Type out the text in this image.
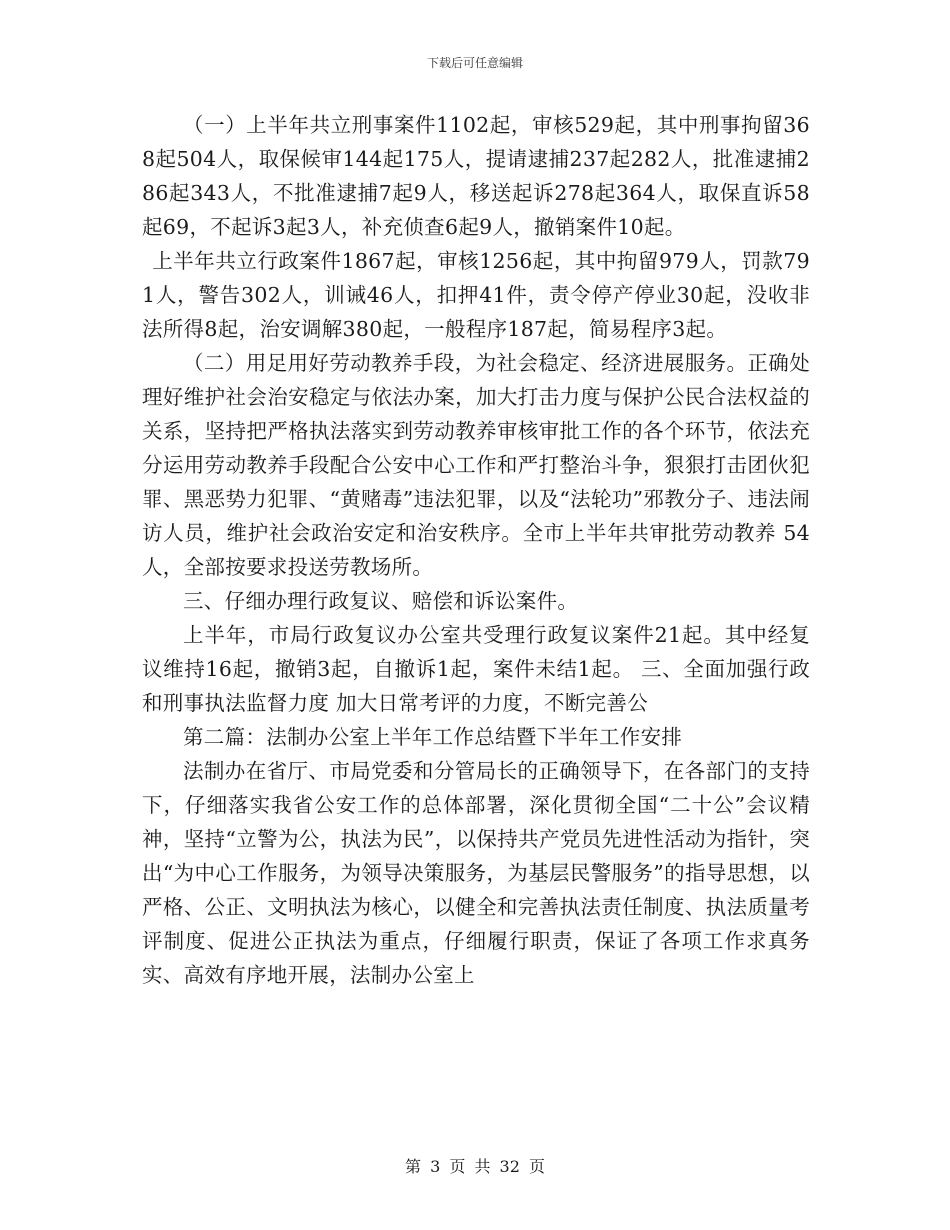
下载后可任意编辑

（一）上半年共立刑事案件1102起，审核529起，其中刑事拘留368起504人，取保候审144起175人，提请逮捕237起282人，批准逮捕286起343人，不批准逮捕7起9人，移送起诉278起364人，取保直诉58起69，不起诉3起3人，补充侦查6起9人，撤销案件10起。

上半年共立行政案件1867起，审核1256起，其中拘留979人，罚款791人，警告302人，训诫46人，扣押41件，责令停产停业30起，没收非法所得8起，治安调解380起，一般程序187起，简易程序3起。

（二）用足用好劳动教养手段，为社会稳定、经济进展服务。正确处理好维护社会治安稳定与依法办案，加大打击力度与保护公民合法权益的关系，坚持把严格执法落实到劳动教养审核审批工作的各个环节，依法充分运用劳动教养手段配合公安中心工作和严打整治斗争，狠狠打击团伙犯罪、黑恶势力犯罪、“黄赌毒”违法犯罪，以及“法轮功”邪教分子、违法闹访人员，维护社会政治安定和治安秩序。全市上半年共审批劳动教养 54人，全部按要求投送劳教场所。

三、仔细办理行政复议、赔偿和诉讼案件。

上半年，市局行政复议办公室共受理行政复议案件21起。其中经复议维持16起，撤销3起，自撤诉1起，案件未结1起。 三、全面加强行政和刑事执法监督力度 加大日常考评的力度，不断完善公

第二篇：法制办公室上半年工作总结暨下半年工作安排

法制办在省厅、市局党委和分管局长的正确领导下，在各部门的支持下，仔细落实我省公安工作的总体部署，深化贯彻全国“二十公”会议精神，坚持“立警为公，执法为民”，以保持共产党员先进性活动为指针，突出“为中心工作服务，为领导决策服务，为基层民警服务”的指导思想，以严格、公正、文明执法为核心，以健全和完善执法责任制度、执法质量考评制度、促进公正执法为重点，仔细履行职责，保证了各项工作求真务实、高效有序地开展，法制办公室上

第 3 页 共 32 页
